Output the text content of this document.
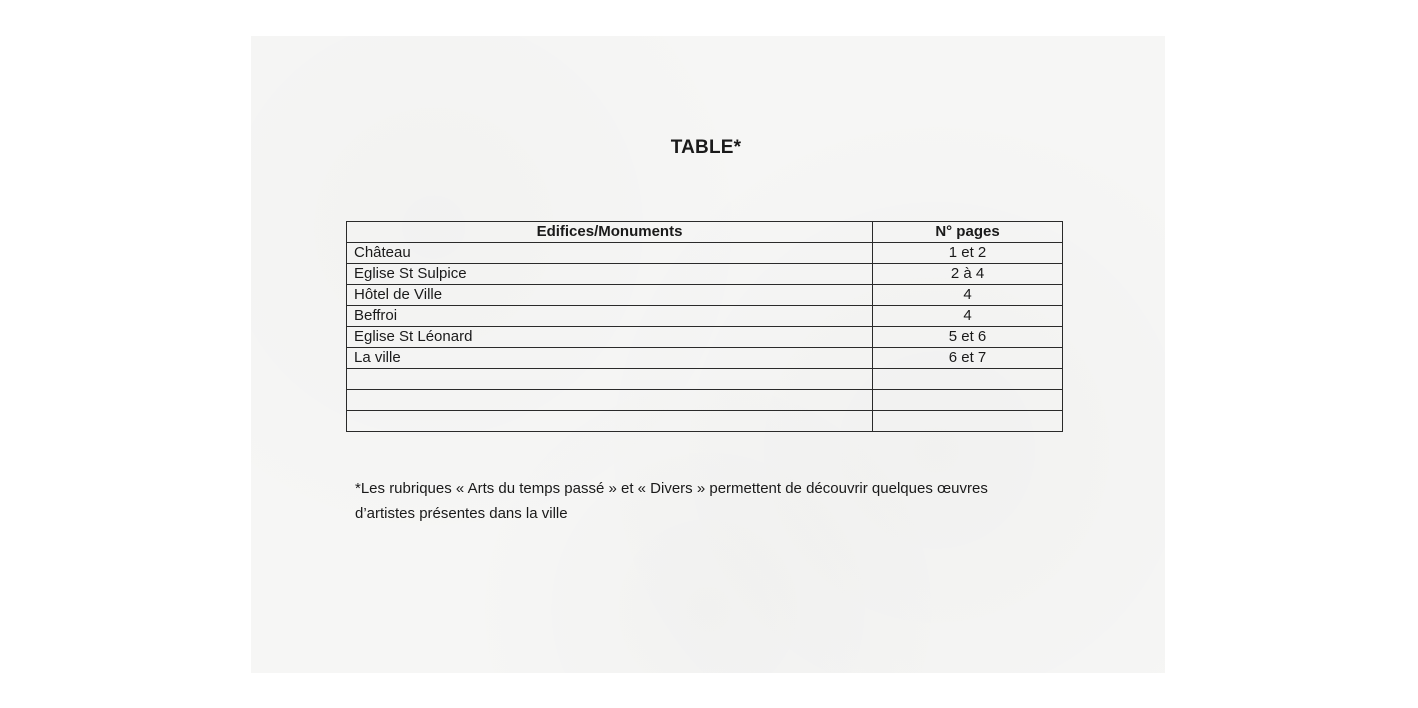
TABLE*
Edifices/Monuments	N° pages
Château	1 et 2
Eglise St Sulpice	2 à 4
Hôtel de Ville	4
Beffroi	4
Eglise St Léonard	5 et 6
La ville	6 et 7

*Les rubriques « Arts du temps passé » et « Divers » permettent de découvrir quelques œuvres
d’artistes présentes dans la ville
